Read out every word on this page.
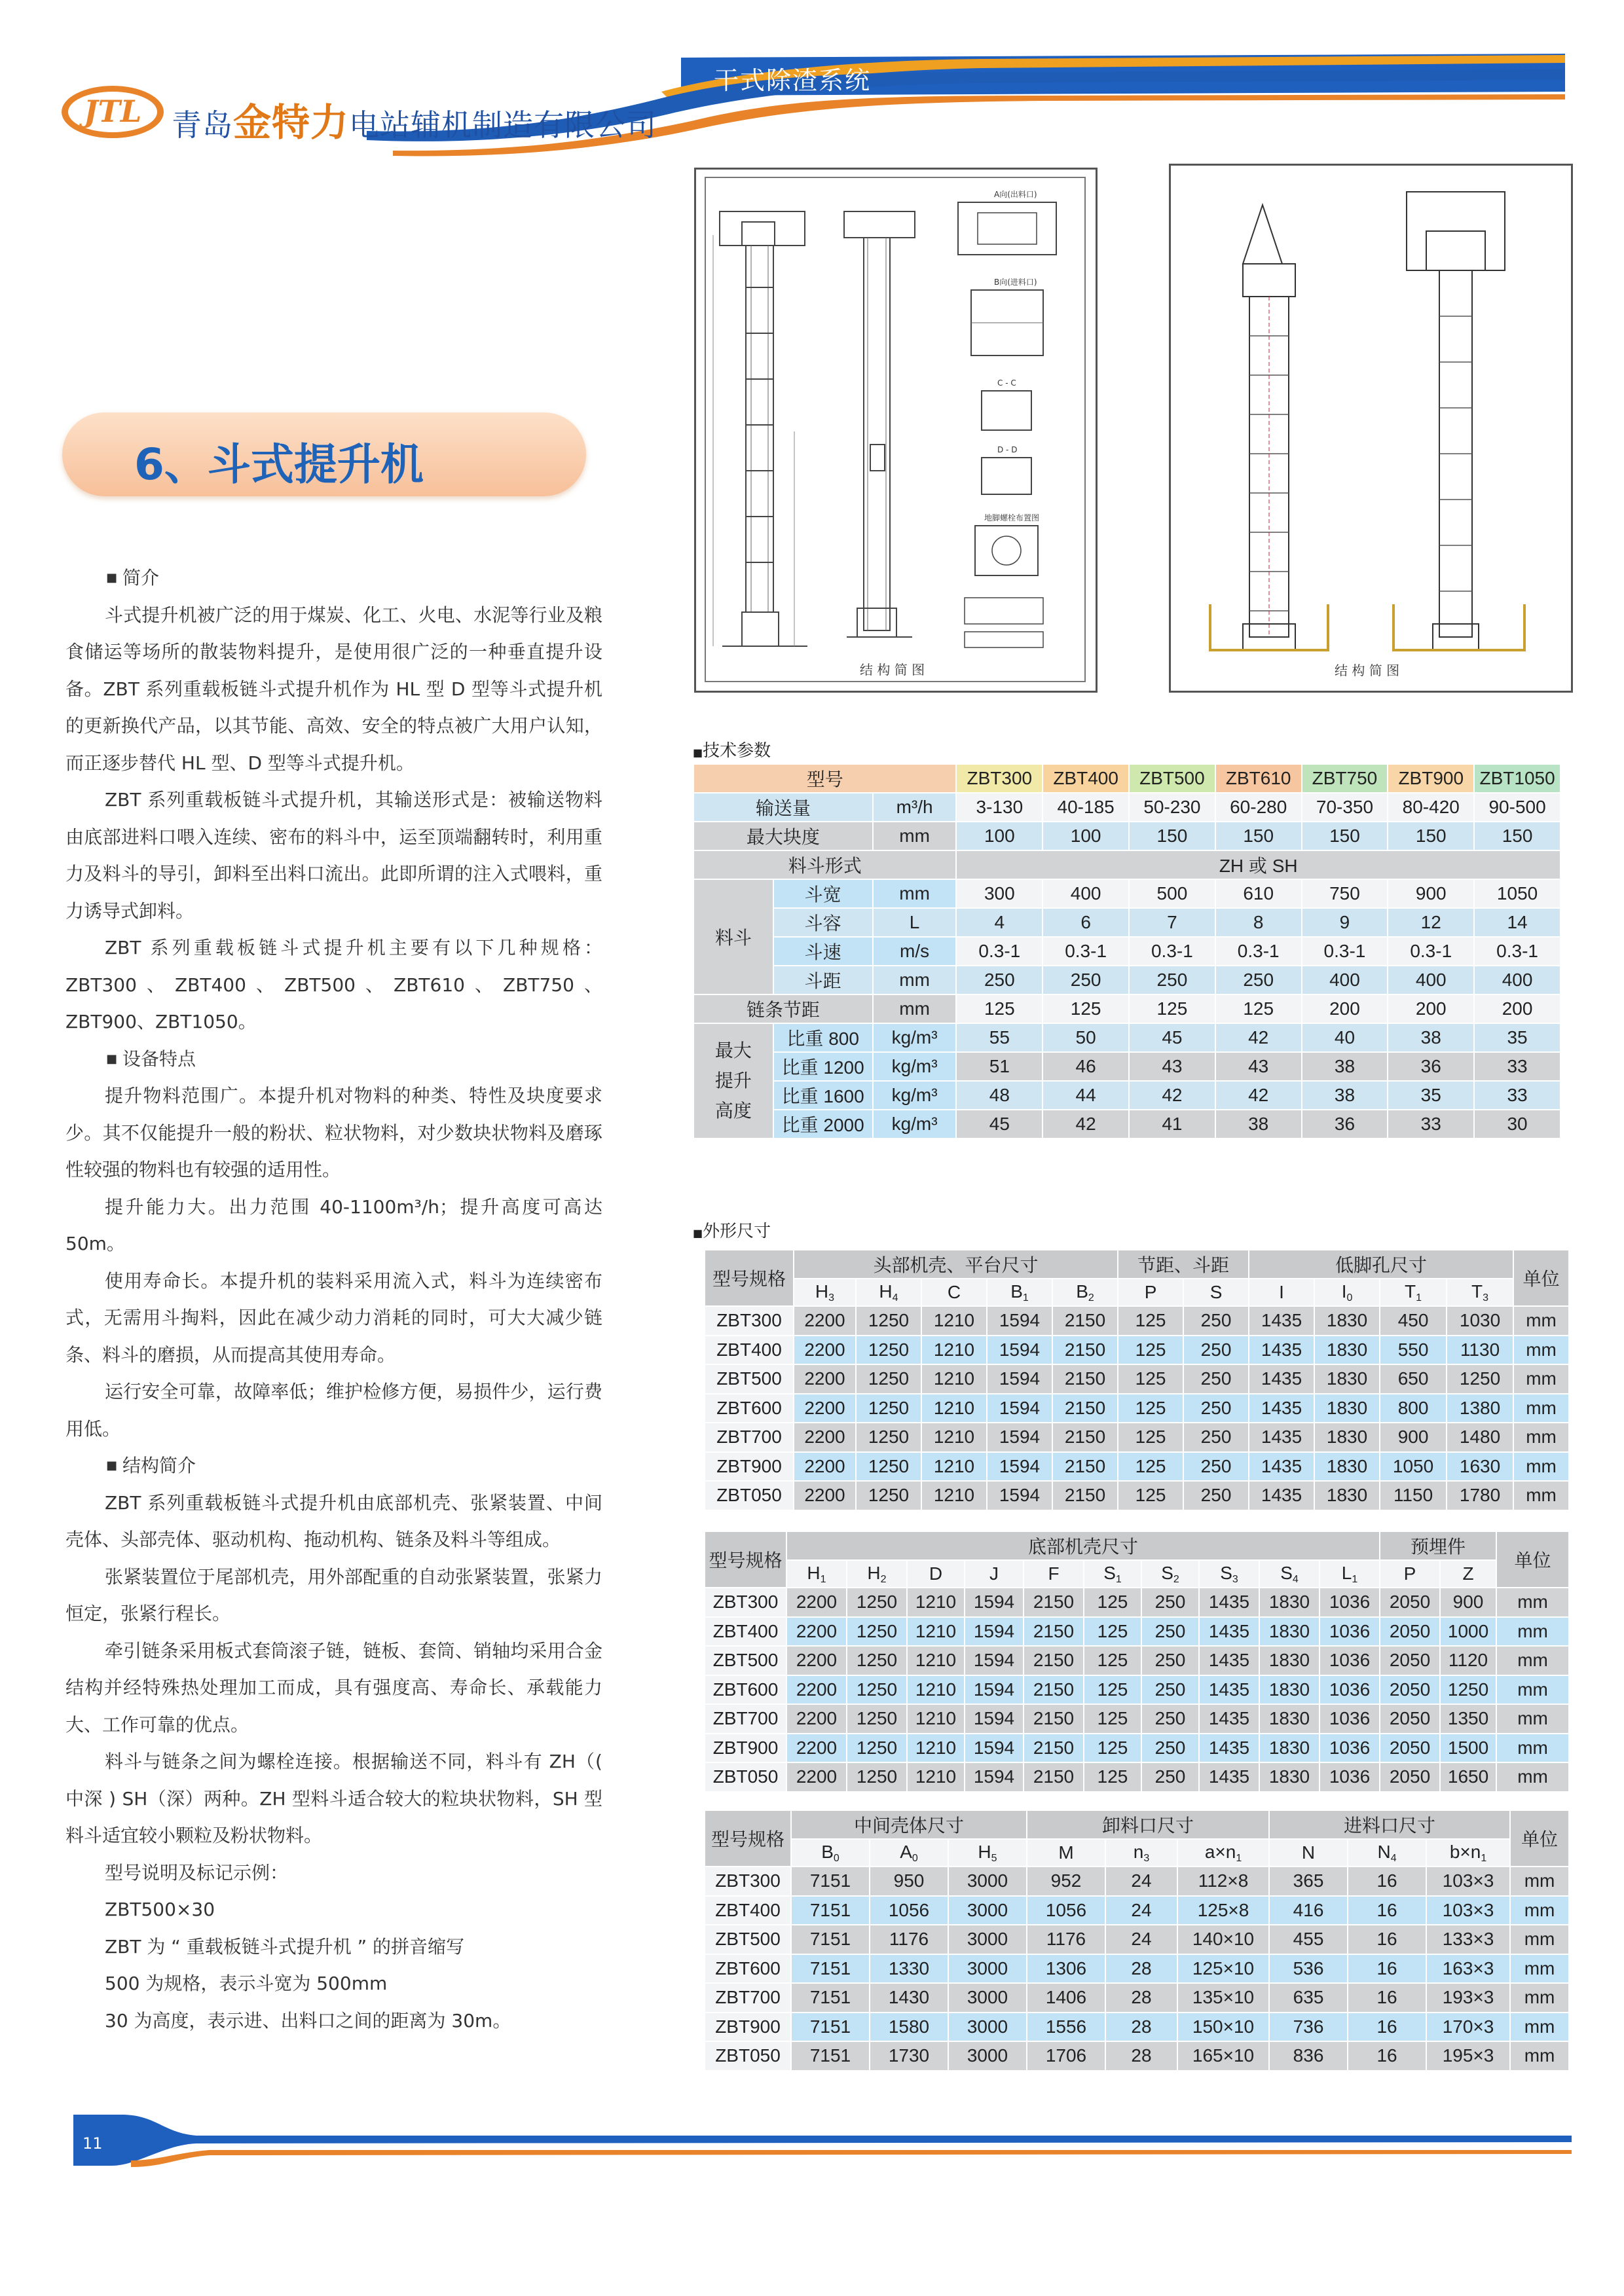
JTL 青岛金特力电站辅机制造有限公司
干式除渣系统
6、斗式提升机

■ 简介

斗式提升机被广泛的用于煤炭、化工、火电、水泥等行业及粮食储运等场所的散装物料提升，是使用很广泛的一种垂直提升设备。ZBT 系列重载板链斗式提升机作为 HL 型 D 型等斗式提升机的更新换代产品，以其节能、高效、安全的特点被广大用户认知，而正逐步替代 HL 型、D 型等斗式提升机。

ZBT 系列重载板链斗式提升机，其输送形式是：被输送物料由底部进料口喂入连续、密布的料斗中，运至顶端翻转时，利用重力及料斗的导引，卸料至出料口流出。此即所谓的注入式喂料，重力诱导式卸料。

ZBT 系列重载板链斗式提升机主要有以下几种规格：ZBT300、ZBT400、ZBT500、ZBT610、ZBT750、ZBT900、ZBT1050。

■ 设备特点

提升物料范围广。本提升机对物料的种类、特性及块度要求少。其不仅能提升一般的粉状、粒状物料，对少数块状物料及磨琢性较强的物料也有较强的适用性。

提升能力大。出力范围 40-1100m³/h；提升高度可高达 50m。

使用寿命长。本提升机的装料采用流入式，料斗为连续密布式，无需用斗掏料，因此在减少动力消耗的同时，可大大减少链条、料斗的磨损，从而提高其使用寿命。

运行安全可靠，故障率低；维护检修方便，易损件少，运行费用低。

■ 结构简介

ZBT 系列重载板链斗式提升机由底部机壳、张紧装置、中间壳体、头部壳体、驱动机构、拖动机构、链条及料斗等组成。

张紧装置位于尾部机壳，用外部配重的自动张紧装置，张紧力恒定，张紧行程长。

牵引链条采用板式套筒滚子链，链板、套筒、销轴均采用合金结构并经特殊热处理加工而成，具有强度高、寿命长、承载能力大、工作可靠的优点。

料斗与链条之间为螺栓连接。根据输送不同，料斗有 ZH（( 中深 ) SH（深）两种。ZH 型料斗适合较大的粒块状物料，SH 型料斗适宜较小颗粒及粉状物料。

型号说明及标记示例：

ZBT500×30

ZBT 为 “ 重载板链斗式提升机 ” 的拼音缩写

500 为规格，表示斗宽为 500mm

30 为高度，表示进、出料口之间的距离为 30m。

A向(出料口)
B向(进料口)
C - C
D - D
地脚螺栓布置图
结 构 简 图	结 构 简 图
■技术参数
型号			ZBT300	ZBT400	ZBT500	ZBT610	ZBT750	ZBT900	ZBT1050
输送量		m³/h	3-130	40-185	50-230	60-280	70-350	80-420	90-500
最大块度		mm	100	100	150	150	150	150	150
料斗形式			ZH 或 SH						
料斗	斗宽	mm	300	400	500	610	750	900	1050
	斗容	L	4	6	7	8	9	12	14
	斗速	m/s	0.3-1	0.3-1	0.3-1	0.3-1	0.3-1	0.3-1	0.3-1
	斗距	mm	250	250	250	250	400	400	400
链条节距		mm	125	125	125	125	200	200	200

最大
提升
高度	比重 800	kg/m³	55	50	45	42	40	38	35
	比重 1200	kg/m³	51	46	43	43	38	36	33
	比重 1600	kg/m³	48	44	42	42	38	35	33
	比重 2000	kg/m³	45	42	41	38	36	33	30
■外形尺寸
型号规格	头部机壳、平台尺寸					节距、斗距		低脚孔尺寸				单位
	$H_3$	$H_4$	C	$B_1$	$B_2$	P	S	I	$I_0$	$T_1$	$T_3$
ZBT300	2200	1250	1210	1594	2150	125	250	1435	1830	450	1030	mm
ZBT400	2200	1250	1210	1594	2150	125	250	1435	1830	550	1130	mm
ZBT500	2200	1250	1210	1594	2150	125	250	1435	1830	650	1250	mm
ZBT600	2200	1250	1210	1594	2150	125	250	1435	1830	800	1380	mm
ZBT700	2200	1250	1210	1594	2150	125	250	1435	1830	900	1480	mm
ZBT900	2200	1250	1210	1594	2150	125	250	1435	1830	1050	1630	mm
ZBT050	2200	1250	1210	1594	2150	125	250	1435	1830	1150	1780	mm
型号规格	底部机壳尺寸										预埋件		单位
	$H_1$	$H_2$	D	J	F	$S_1$	$S_2$	$S_3$	$S_4$	$L_1$	P	Z	
ZBT300	2200	1250	1210	1594	2150	125	250	1435	1830	1036	2050	900	mm
ZBT400	2200	1250	1210	1594	2150	125	250	1435	1830	1036	2050	1000	mm
ZBT500	2200	1250	1210	1594	2150	125	250	1435	1830	1036	2050	1120	mm
ZBT600	2200	1250	1210	1594	2150	125	250	1435	1830	1036	2050	1250	mm
ZBT700	2200	1250	1210	1594	2150	125	250	1435	1830	1036	2050	1350	mm
ZBT900	2200	1250	1210	1594	2150	125	250	1435	1830	1036	2050	1500	mm
ZBT050	2200	1250	1210	1594	2150	125	250	1435	1830	1036	2050	1650	mm
型号规格	中间壳体尺寸			卸料口尺寸			进料口尺寸			单位
	$B_0$	$A_0$	$H_5$	M	$n_3$	$a\times n_1$	N	$N_4$	$b\times n_1$
ZBT300	7151	950	3000	952	24	112×8	365	16	103×3	mm
ZBT400	7151	1056	3000	1056	24	125×8	416	16	103×3	mm
ZBT500	7151	1176	3000	1176	24	140×10	455	16	133×3	mm
ZBT600	7151	1330	3000	1306	28	125×10	536	16	163×3	mm
ZBT700	7151	1430	3000	1406	28	135×10	635	16	193×3	mm
ZBT900	7151	1580	3000	1556	28	150×10	736	16	170×3	mm
ZBT050	7151	1730	3000	1706	28	165×10	836	16	195×3	mm
11
